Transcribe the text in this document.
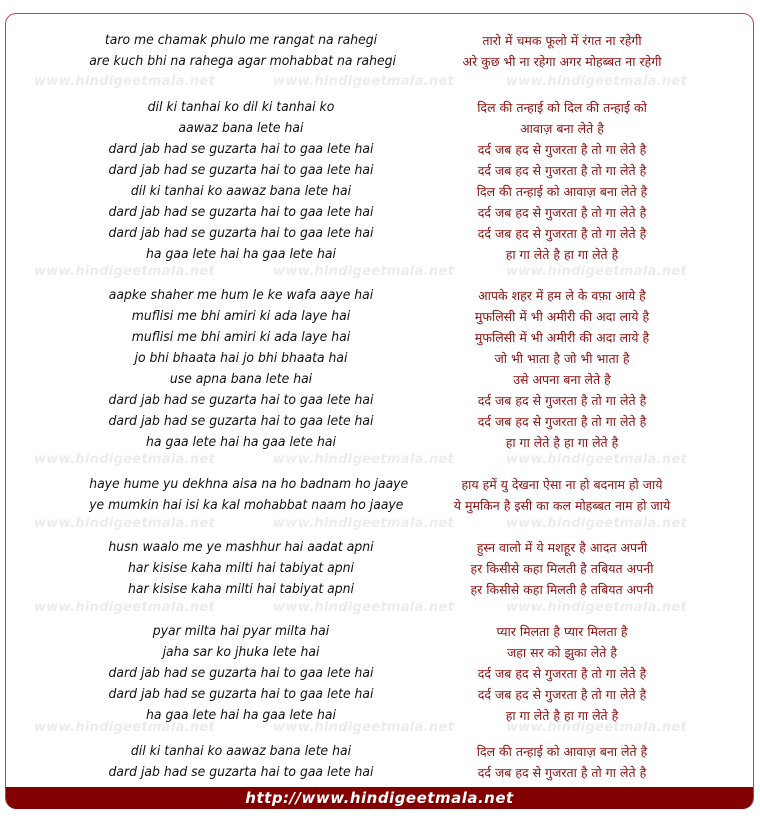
www.hindigeetmala.net	www.hindigeetmala.net	www.hindigeetmala.net
www.hindigeetmala.net	www.hindigeetmala.net	www.hindigeetmala.net
www.hindigeetmala.net	www.hindigeetmala.net	www.hindigeetmala.net
www.hindigeetmala.net	www.hindigeetmala.net	www.hindigeetmala.net
www.hindigeetmala.net	www.hindigeetmala.net	www.hindigeetmala.net
www.hindigeetmala.net	www.hindigeetmala.net	www.hindigeetmala.net
taro me chamak phulo me rangat na rahegi	तारो में चमक फूलो में रंगत ना रहेगी
are kuch bhi na rahega agar mohabbat na rahegi	अरे कुछ भी ना रहेगा अगर मोहब्बत ना रहेगी
dil ki tanhai ko dil ki tanhai ko	दिल की तन्हाई को दिल की तन्हाई को
aawaz bana lete hai	आवाज़ बना लेते है
dard jab had se guzarta hai to gaa lete hai	दर्द जब हद से गुजरता है तो गा लेते है
dard jab had se guzarta hai to gaa lete hai	दर्द जब हद से गुजरता है तो गा लेते है
dil ki tanhai ko aawaz bana lete hai	दिल की तन्हाई को आवाज़ बना लेते है
dard jab had se guzarta hai to gaa lete hai	दर्द जब हद से गुजरता है तो गा लेते है
dard jab had se guzarta hai to gaa lete hai	दर्द जब हद से गुजरता है तो गा लेते है
ha gaa lete hai ha gaa lete hai	हा गा लेते है हा गा लेते है
aapke shaher me hum le ke wafa aaye hai	आपके शहर में हम ले के वफ़ा आये है
muflisi me bhi amiri ki ada laye hai	मुफलिसी में भी अमीरी की अदा लाये है
muflisi me bhi amiri ki ada laye hai	मुफलिसी में भी अमीरी की अदा लाये है
jo bhi bhaata hai jo bhi bhaata hai	जो भी भाता है जो भी भाता है
use apna bana lete hai	उसे अपना बना लेते है
dard jab had se guzarta hai to gaa lete hai	दर्द जब हद से गुजरता है तो गा लेते है
dard jab had se guzarta hai to gaa lete hai	दर्द जब हद से गुजरता है तो गा लेते है
ha gaa lete hai ha gaa lete hai	हा गा लेते है हा गा लेते है
haye hume yu dekhna aisa na ho badnam ho jaaye	हाय हमें यु देखना ऐसा ना हो बदनाम हो जाये
ye mumkin hai isi ka kal mohabbat naam ho jaaye	ये मुमकिन है इसी का कल मोहब्बत नाम हो जाये
husn waalo me ye mashhur hai aadat apni	हुस्न वालो में ये मशहूर है आदत अपनी
har kisise kaha milti hai tabiyat apni	हर किसीसे कहा मिलती है तबियत अपनी
har kisise kaha milti hai tabiyat apni	हर किसीसे कहा मिलती है तबियत अपनी
pyar milta hai pyar milta hai	प्यार मिलता है प्यार मिलता है
jaha sar ko jhuka lete hai	जहा सर को झुका लेते है
dard jab had se guzarta hai to gaa lete hai	दर्द जब हद से गुजरता है तो गा लेते है
dard jab had se guzarta hai to gaa lete hai	दर्द जब हद से गुजरता है तो गा लेते है
ha gaa lete hai ha gaa lete hai	हा गा लेते है हा गा लेते है
dil ki tanhai ko aawaz bana lete hai	दिल की तन्हाई को आवाज़ बना लेते है
dard jab had se guzarta hai to gaa lete hai	दर्द जब हद से गुजरता है तो गा लेते है
http://www.hindigeetmala.net
